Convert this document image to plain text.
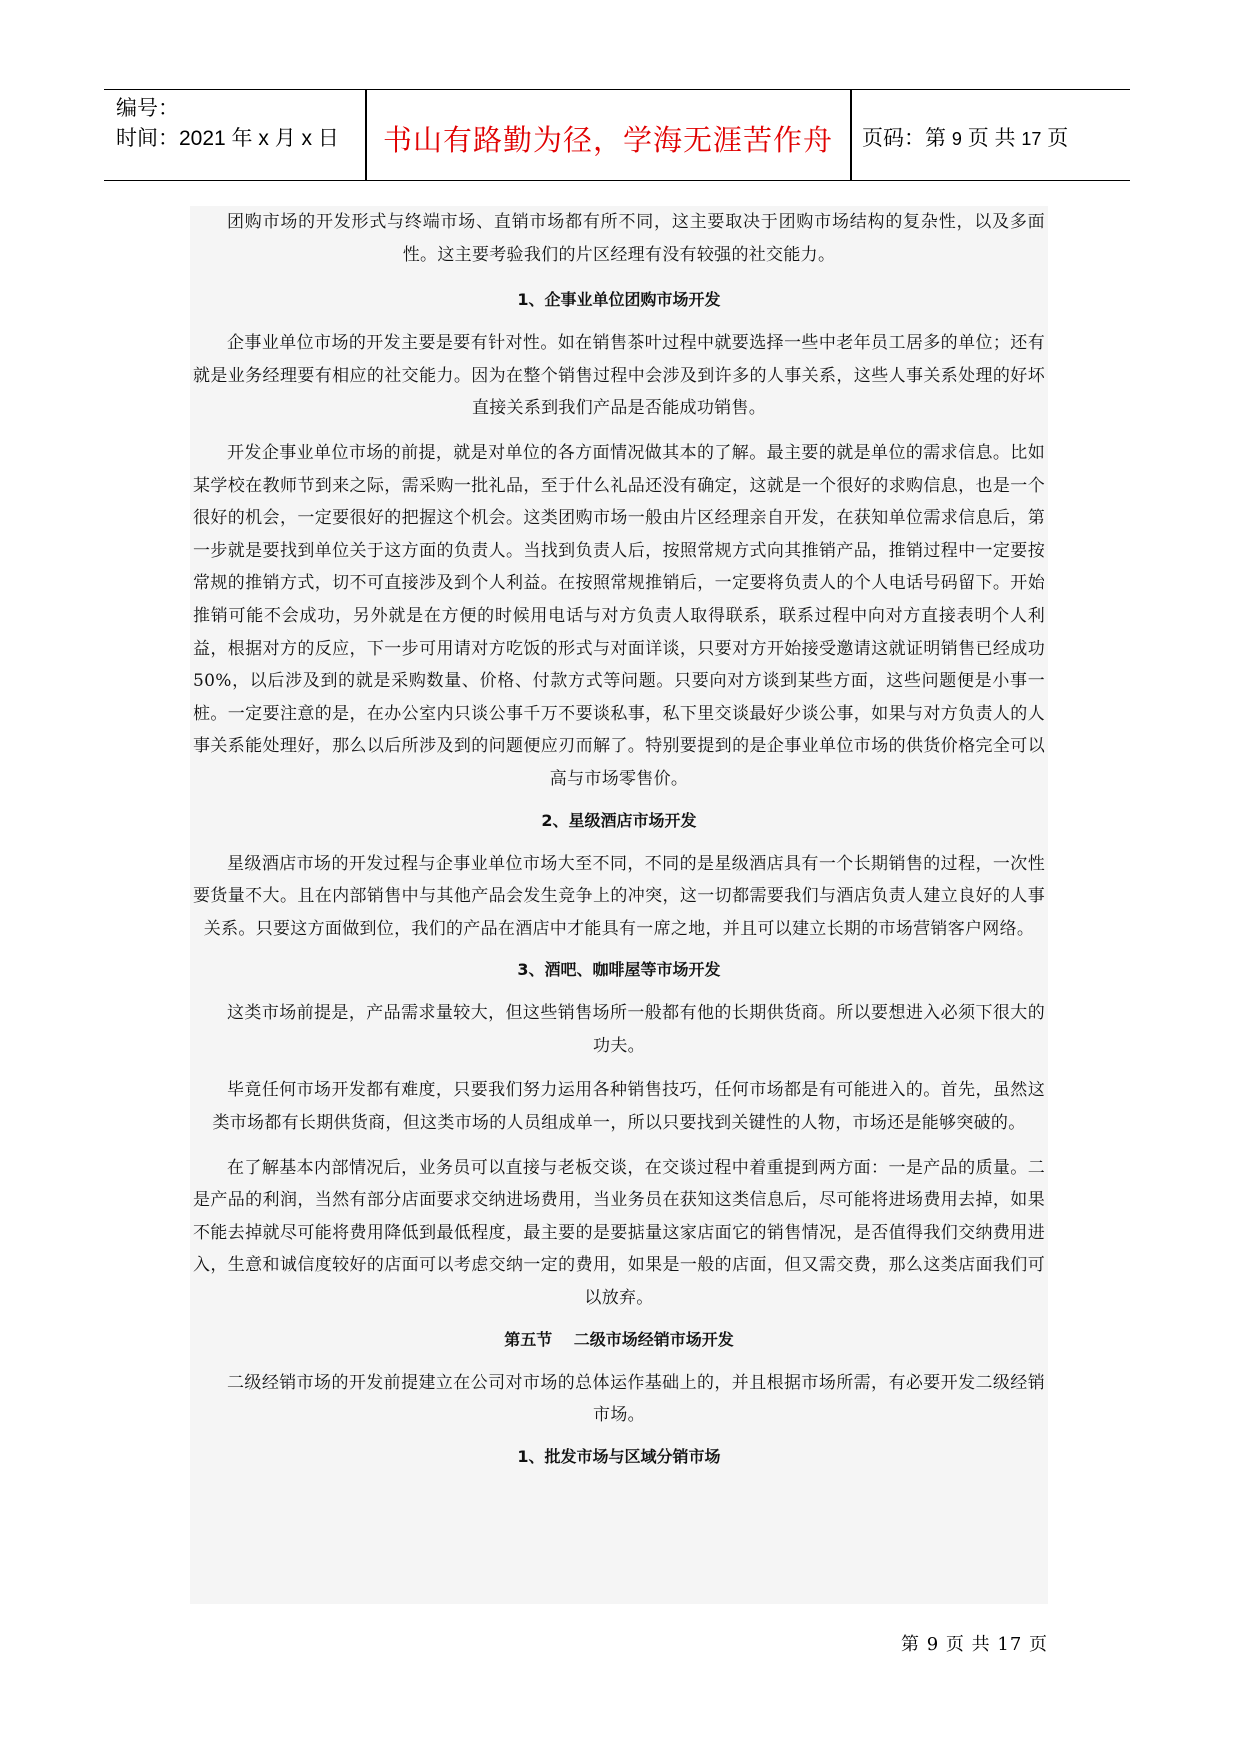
编号：
时间：2021 年 x 月 x 日	书山有路勤为径，学海无涯苦作舟	页码：第 9 页 共 17 页

团购市场的开发形式与终端市场、直销市场都有所不同，这主要取决于团购市场结构的复杂性，以及多面性。这主要考验我们的片区经理有没有较强的社交能力。

1、企事业单位团购市场开发

企事业单位市场的开发主要是要有针对性。如在销售茶叶过程中就要选择一些中老年员工居多的单位；还有就是业务经理要有相应的社交能力。因为在整个销售过程中会涉及到许多的人事关系，这些人事关系处理的好坏直接关系到我们产品是否能成功销售。

开发企事业单位市场的前提，就是对单位的各方面情况做其本的了解。最主要的就是单位的需求信息。比如某学校在教师节到来之际，需采购一批礼品，至于什么礼品还没有确定，这就是一个很好的求购信息，也是一个很好的机会，一定要很好的把握这个机会。这类团购市场一般由片区经理亲自开发，在获知单位需求信息后，第一步就是要找到单位关于这方面的负责人。当找到负责人后，按照常规方式向其推销产品，推销过程中一定要按常规的推销方式，切不可直接涉及到个人利益。在按照常规推销后，一定要将负责人的个人电话号码留下。开始推销可能不会成功，另外就是在方便的时候用电话与对方负责人取得联系，联系过程中向对方直接表明个人利益，根据对方的反应，下一步可用请对方吃饭的形式与对面详谈，只要对方开始接受邀请这就证明销售已经成功 50%，以后涉及到的就是采购数量、价格、付款方式等问题。只要向对方谈到某些方面，这些问题便是小事一桩。一定要注意的是，在办公室内只谈公事千万不要谈私事，私下里交谈最好少谈公事，如果与对方负责人的人事关系能处理好，那么以后所涉及到的问题便应刃而解了。特别要提到的是企事业单位市场的供货价格完全可以高与市场零售价。

2、星级酒店市场开发

星级酒店市场的开发过程与企事业单位市场大至不同，不同的是星级酒店具有一个长期销售的过程，一次性要货量不大。且在内部销售中与其他产品会发生竞争上的冲突，这一切都需要我们与酒店负责人建立良好的人事关系。只要这方面做到位，我们的产品在酒店中才能具有一席之地，并且可以建立长期的市场营销客户网络。

3、酒吧、咖啡屋等市场开发

这类市场前提是，产品需求量较大，但这些销售场所一般都有他的长期供货商。所以要想进入必须下很大的功夫。

毕竟任何市场开发都有难度，只要我们努力运用各种销售技巧，任何市场都是有可能进入的。首先，虽然这类市场都有长期供货商，但这类市场的人员组成单一，所以只要找到关键性的人物，市场还是能够突破的。

在了解基本内部情况后，业务员可以直接与老板交谈，在交谈过程中着重提到两方面：一是产品的质量。二是产品的利润，当然有部分店面要求交纳进场费用，当业务员在获知这类信息后，尽可能将进场费用去掉，如果不能去掉就尽可能将费用降低到最低程度，最主要的是要掂量这家店面它的销售情况，是否值得我们交纳费用进入，生意和诚信度较好的店面可以考虑交纳一定的费用，如果是一般的店面，但又需交费，那么这类店面我们可以放弃。

第五节　 二级市场经销市场开发

二级经销市场的开发前提建立在公司对市场的总体运作基础上的，并且根据市场所需，有必要开发二级经销市场。

1、批发市场与区域分销市场

第 9 页 共 17 页
